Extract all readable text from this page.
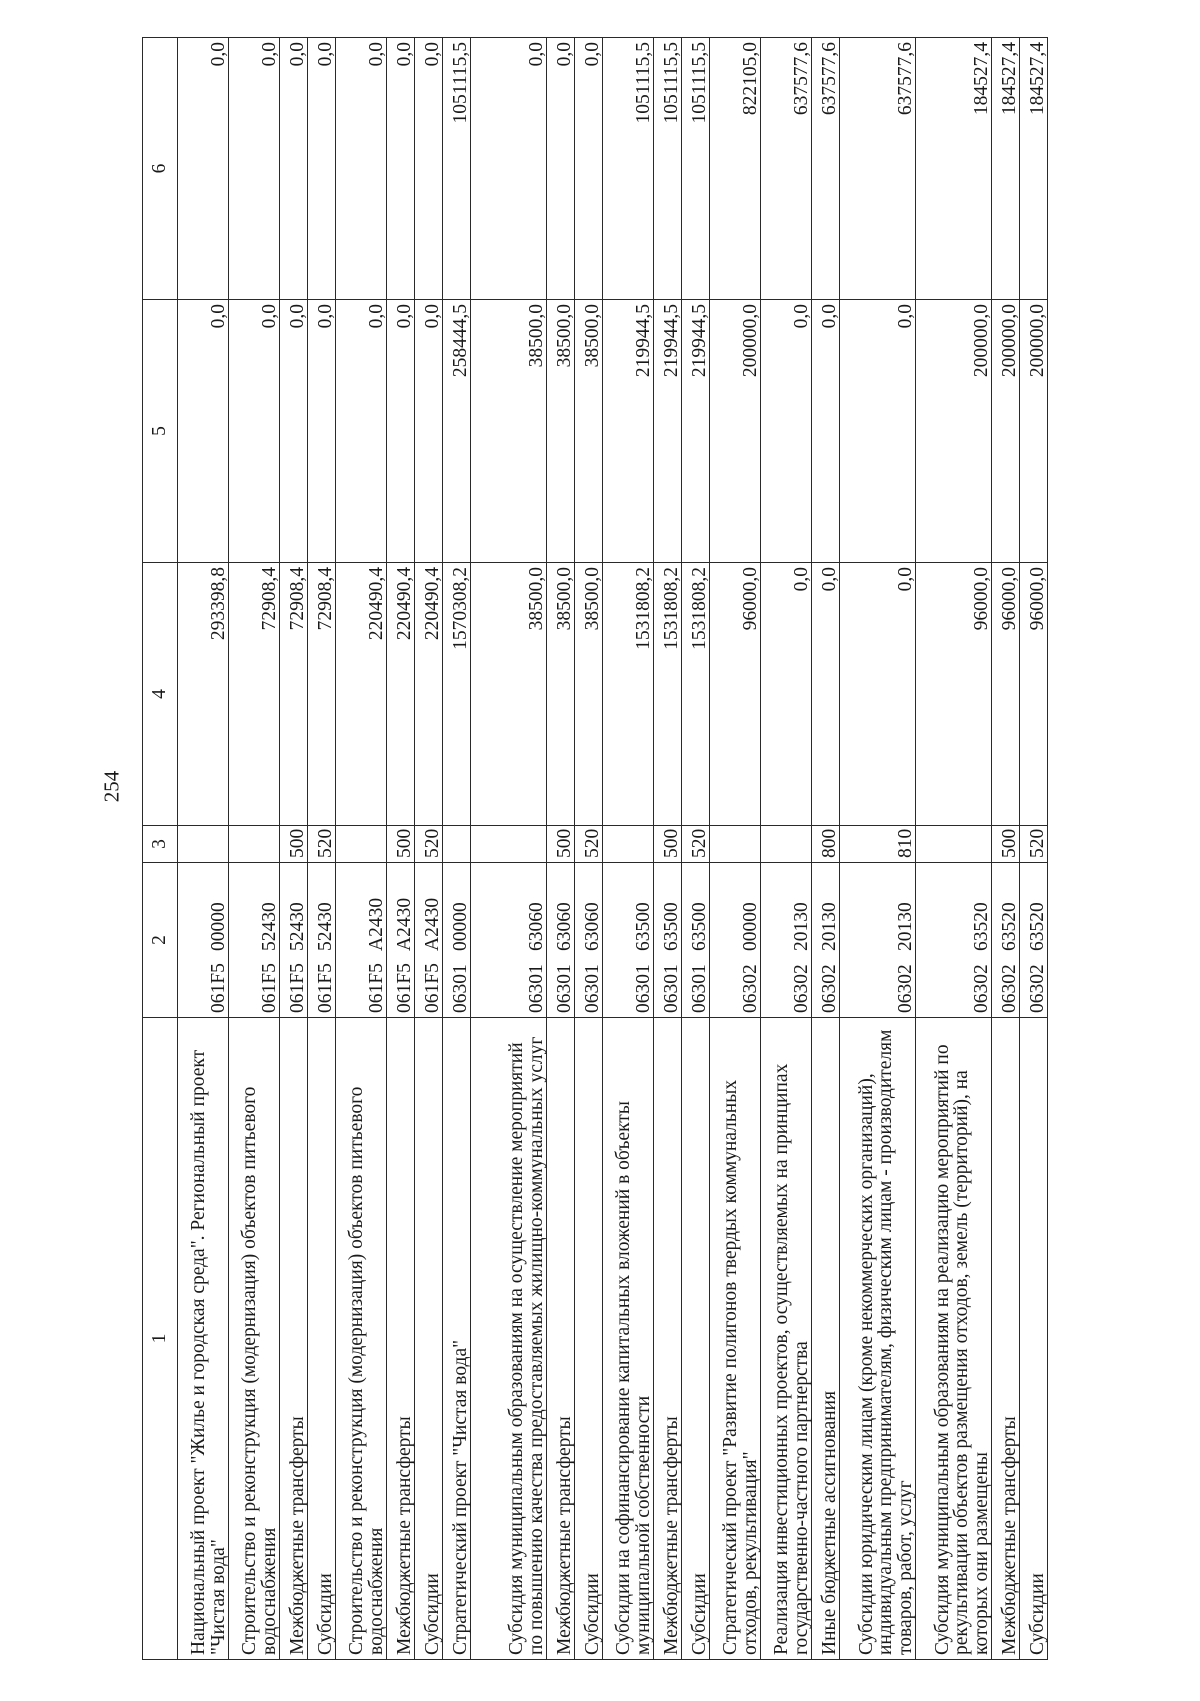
254
1	2	3	4	5	6
Национальный проект "Жилье и городская среда". Региональный проект "Чистая вода"	061F500000		293398,8	0,0	0,0
Строительство и реконструкция (модернизация) объектов питьевого водоснабжения	061F552430		72908,4	0,0	0,0
Межбюджетные трансферты	061F552430	500	72908,4	0,0	0,0
Субсидии	061F552430	520	72908,4	0,0	0,0
Строительство и реконструкция (модернизация) объектов питьевого водоснабжения	061F5А2430		220490,4	0,0	0,0
Межбюджетные трансферты	061F5А2430	500	220490,4	0,0	0,0
Субсидии	061F5А2430	520	220490,4	0,0	0,0
Стратегический проект "Чистая вода"	0630100000		1570308,2	258444,5	1051115,5
Субсидия муниципальным образованиям на осуществление мероприятий по повышению качества предоставляемых жилищно-коммунальных услуг	0630163060		38500,0	38500,0	0,0
Межбюджетные трансферты	0630163060	500	38500,0	38500,0	0,0
Субсидии	0630163060	520	38500,0	38500,0	0,0
Субсидии на софинансирование капитальных вложений в объекты муниципальной собственности	0630163500		1531808,2	219944,5	1051115,5
Межбюджетные трансферты	0630163500	500	1531808,2	219944,5	1051115,5
Субсидии	0630163500	520	1531808,2	219944,5	1051115,5
Стратегический проект "Развитие полигонов твердых коммунальных отходов, рекультивация"	0630200000		96000,0	200000,0	822105,0
Реализация инвестиционных проектов, осуществляемых на принципах государственно-частного партнерства	0630220130		0,0	0,0	637577,6
Иные бюджетные ассигнования	0630220130	800	0,0	0,0	637577,6
Субсидии юридическим лицам (кроме некоммерческих организаций), индивидуальным предпринимателям, физическим лицам - производителям товаров, работ, услуг	0630220130	810	0,0	0,0	637577,6
Субсидия муниципальным образованиям на реализацию мероприятий по рекультивации объектов размещения отходов, земель (территорий), на которых они размещены	0630263520		96000,0	200000,0	184527,4
Межбюджетные трансферты	0630263520	500	96000,0	200000,0	184527,4
Субсидии	0630263520	520	96000,0	200000,0	184527,4
